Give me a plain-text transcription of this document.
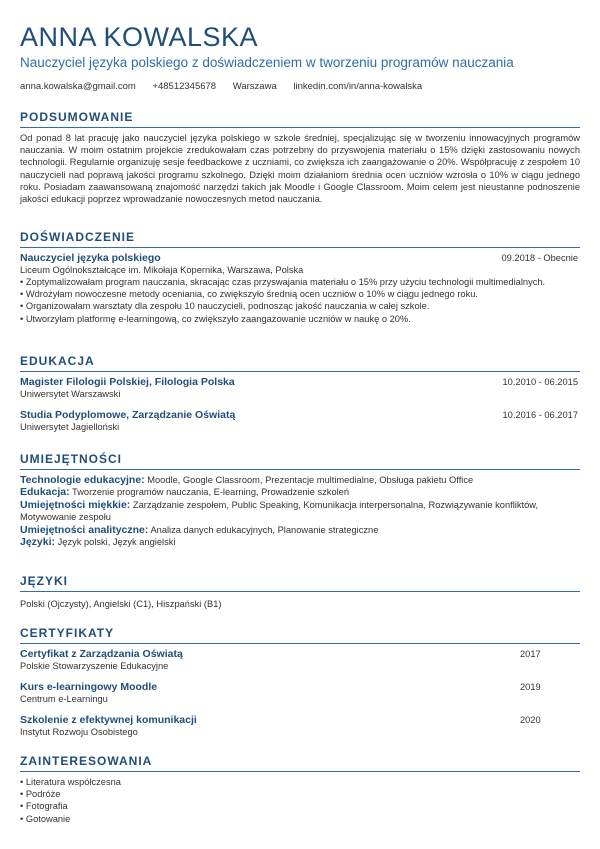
ANNA KOWALSKA
Nauczyciel języka polskiego z doświadczeniem w tworzeniu programów nauczania
anna.kowalska@gmail.com +48512345678 Warszawa linkedin.com/in/anna-kowalska
PODSUMOWANIE
Od ponad 8 lat pracuję jako nauczyciel języka polskiego w szkole średniej, specjalizując się w tworzeniu innowacyjnych programów nauczania. W moim ostatnim projekcie zredukowałam czas potrzebny do przyswojenia materiału o 15% dzięki zastosowaniu nowych technologii. Regularnie organizuję sesje feedbackowe z uczniami, co zwiększa ich zaangażowanie o 20%. Współpracuję z zespołem 10 nauczycieli nad poprawą jakości programu szkolnego. Dzięki moim działaniom średnia ocen uczniów wzrosła o 10% w ciągu jednego roku. Posiadam zaawansowaną znajomość narzędzi takich jak Moodle i Google Classroom. Moim celem jest nieustanne podnoszenie jakości edukacji poprzez wprowadzanie nowoczesnych metod nauczania.
DOŚWIADCZENIE
Nauczyciel języka polskiego	09.2018 - Obecnie
Liceum Ogólnokształcące im. Mikołaja Kopernika, Warszawa, Polska
• Zoptymalizowałam program nauczania, skracając czas przyswajania materiału o 15% przy użyciu technologii multimedialnych.
• Wdrożyłam nowoczesne metody oceniania, co zwiększyło średnią ocen uczniów o 10% w ciągu jednego roku.
• Organizowałam warsztaty dla zespołu 10 nauczycieli, podnosząc jakość nauczania w całej szkole.
• Utworzyłam platformę e-learningową, co zwiększyło zaangażowanie uczniów w naukę o 20%.
EDUKACJA
Magister Filologii Polskiej, Filologia Polska	10.2010 - 06.2015
Uniwersytet Warszawski
Studia Podyplomowe, Zarządzanie Oświatą	10.2016 - 06.2017
Uniwersytet Jagielloński
UMIEJĘTNOŚCI
Technologie edukacyjne: Moodle, Google Classroom, Prezentacje multimedialne, Obsługa pakietu Office
Edukacja: Tworzenie programów nauczania, E-learning, Prowadzenie szkoleń
Umiejętności miękkie: Zarządzanie zespołem, Public Speaking, Komunikacja interpersonalna, Rozwiązywanie konfliktów, Motywowanie zespołu
Umiejętności analityczne: Analiza danych edukacyjnych, Planowanie strategiczne
Języki: Język polski, Język angielski
JĘZYKI
Polski (Ojczysty), Angielski (C1), Hiszpański (B1)
CERTYFIKATY
Certyfikat z Zarządzania Oświatą	2017
Polskie Stowarzyszenie Edukacyjne
Kurs e-learningowy Moodle	2019
Centrum e-Learningu
Szkolenie z efektywnej komunikacji	2020
Instytut Rozwoju Osobistego
ZAINTERESOWANIA
• Literatura współczesna
• Podróże
• Fotografia
• Gotowanie
